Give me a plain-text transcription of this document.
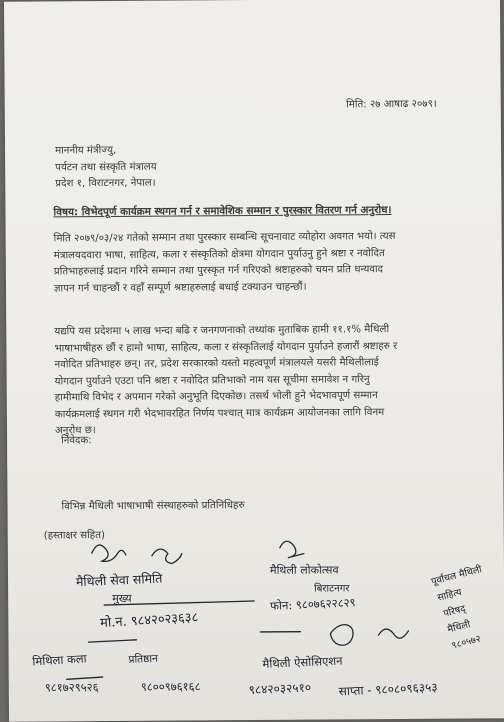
मिति: २७ आषाढ २०७९।
माननीय मंत्रीज्यु,
पर्यटन तथा संस्कृति मंत्रालय
प्रदेश १, विराटनगर, नेपाल।
विषय: विभेदपूर्ण कार्यक्रम स्थगन गर्न र समावेशिक सम्मान र पुरस्कार वितरण गर्न अनुरोध।
मिति २०७९/०३/२४ गतेको सम्मान तथा पुरस्कार सम्बन्धि सूचनावाट व्योहोरा अवगत भयो। त्यस
मंत्रालयदवारा भाषा, साहित्य, कला र संस्कृतिको क्षेत्रमा योगदान पुर्याउनु हुने श्रष्टा र नवोदित
प्रतिभाहरुलाई प्रदान गरिने सम्मान तथा पुरस्कृत गर्न गरिएको श्रष्टाहरुको चयन प्रति धन्यवाद
ज्ञापन गर्न चाहन्छौं र वहाँ सम्पूर्ण श्रष्टाहरुलाई बधाई टक्याउन चाहन्छौं।
यद्यपि यस प्रदेशमा ५ लाख भन्दा बढि र जनगणनाको तथ्यांक मुताबिक हामी ११.१% मैथिली
भाषाभाषीहरु छौं र हामो भाषा, साहित्य, कला र संस्कृतिलाई योगदान पुर्याउने हजारौं श्रष्टाहरु र
नवोदित प्रतिभाहरु छन्। तर, प्रदेश सरकारको यस्तो महत्वपूर्ण मंत्रालयले यसरी मैथिलीलाई
योगदान पुर्याउने एउटा पनि श्रष्टा र नवोदित प्रतिभाको नाम यस सूचीमा समावेश न गरिनु
हामीमाथि विभेद र अपमान गरेको अनुभूति दिएकोछ। तसर्थ भोली हुने भेदभावपूर्ण सम्मान
कार्यक्रमलाई स्थगन गरी भेदभावरहित निर्णय पश्चात् मात्र कार्यक्रम आयोजनका लागि विनम
अनुरोध छ।
निवेदक:
विभिन्न मैथिली भाषाभाषी संस्थाहरुको प्रतिनिधिहरु
(हस्ताक्षर सहित)
मैथिली सेवा समिति
मुख्य
मो.न. ९८४२०२३६३८
मैथिली लोकोत्सव
बिराटनगर
फोन: ९८०७६२२८२९
पूर्वांचल मैथिली
साहित्य
परिषद्
मैथिली
९८०५७२
मिथिला कला	प्रतिष्ठान
९८१७२९५२६	९८००९७६१६८
मैथिली ऐसोसिएशन
९८४२०३२५१० साप्ता - ९८०८०९६३५३
